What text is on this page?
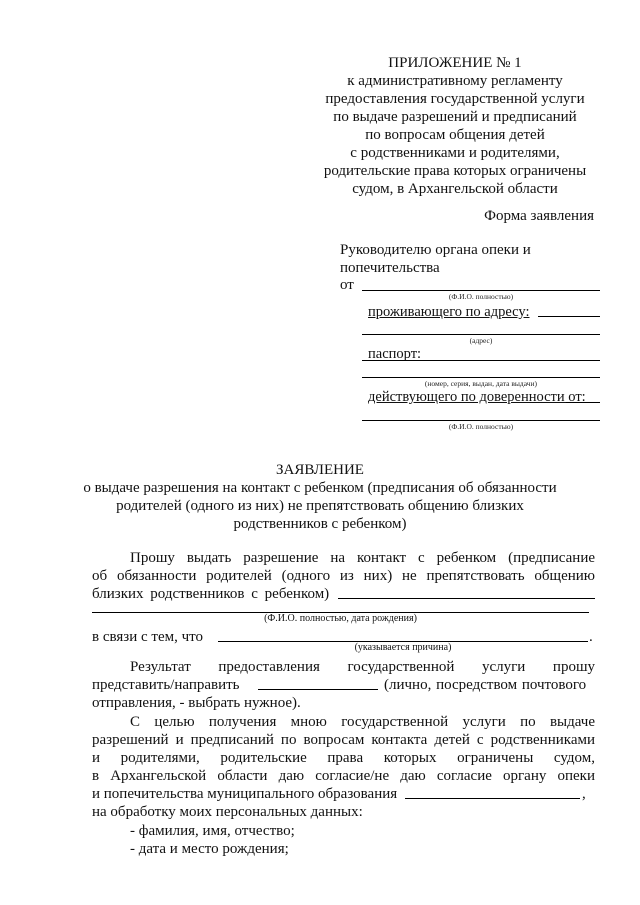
ПРИЛОЖЕНИЕ № 1
к административному регламенту
предоставления государственной услуги
по выдаче разрешений и предписаний
по вопросам общения детей
с родственниками и родителями,
родительские права которых ограничены
судом, в Архангельской области
Форма заявления
Руководителю органа опеки и
попечительства
от
(Ф.И.О. полностью)
проживающего по адресу:
(адрес)
паспорт:
(номер, серия, выдан, дата выдачи)
действующего по доверенности от:
(Ф.И.О. полностью)
ЗАЯВЛЕНИЕ
о выдаче разрешения на контакт с ребенком (предписания об обязанности
родителей (одного из них) не препятствовать общению близких
родственников с ребенком)
Прошу выдать разрешение на контакт с ребенком (предписание
об обязанности родителей (одного из них) не препятствовать общению
близких родственников с ребенком)
(Ф.И.О. полностью, дата рождения)
в связи с тем, что	.
(указывается причина)
Результат предоставления государственной услуги прошу
представить/направить	(лично, посредством почтового
отправления, - выбрать нужное).
С целью получения мною государственной услуги по выдаче
разрешений и предписаний по вопросам контакта детей с родственниками
и родителями, родительские права которых ограничены судом,
в Архангельской области даю согласие/не даю согласие органу опеки
и попечительства муниципального образования	,
на обработку моих персональных данных:
- фамилия, имя, отчество;
- дата и место рождения;
